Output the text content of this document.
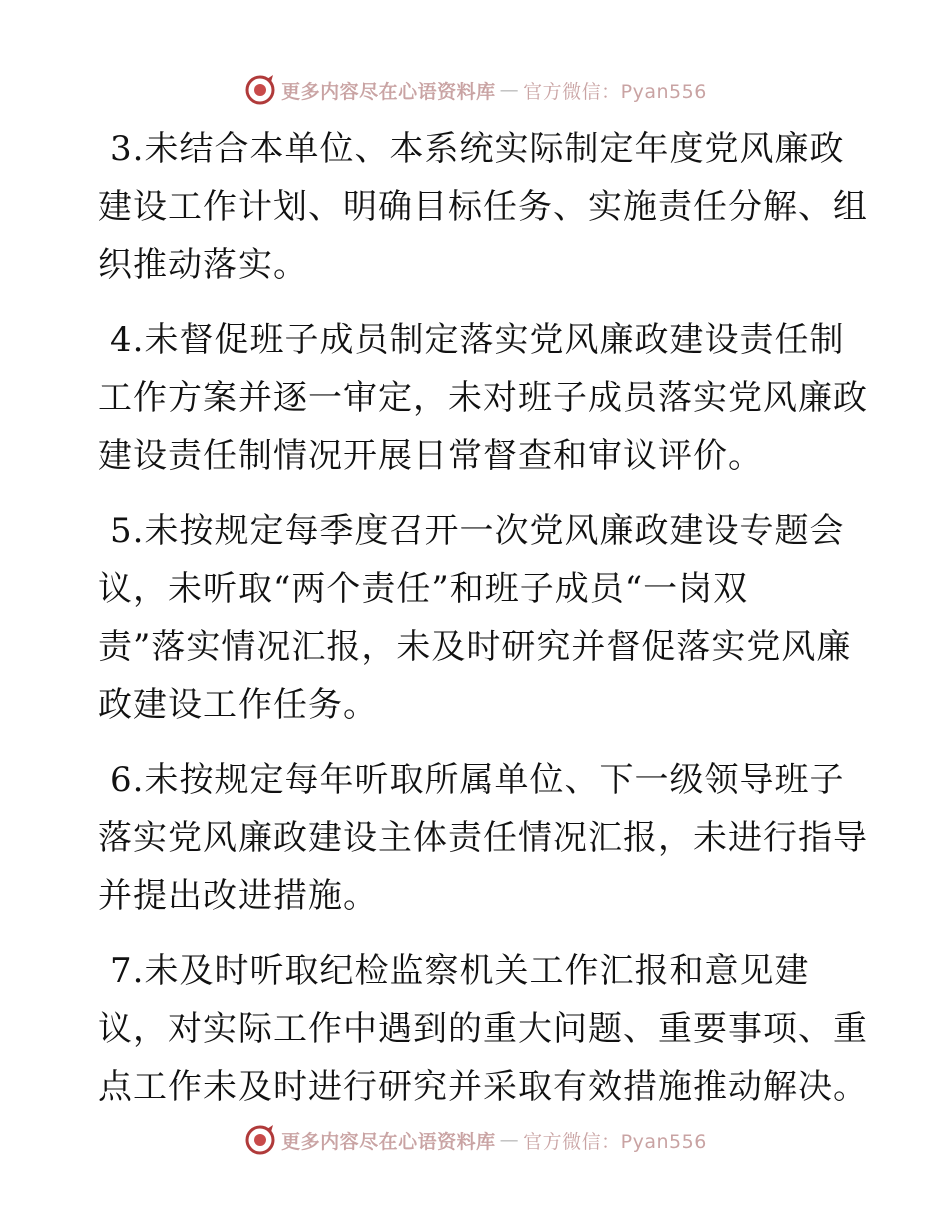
更多内容尽在心语资料库 — 官方微信：Pyan556

3.未结合本单位、本系统实际制定年度党风廉政
建设工作计划、明确目标任务、实施责任分解、组
织推动落实。

4.未督促班子成员制定落实党风廉政建设责任制
工作方案并逐一审定，未对班子成员落实党风廉政
建设责任制情况开展日常督查和审议评价。

5.未按规定每季度召开一次党风廉政建设专题会
议，未听取“两个责任”和班子成员“一岗双
责”落实情况汇报，未及时研究并督促落实党风廉
政建设工作任务。

6.未按规定每年听取所属单位、下一级领导班子
落实党风廉政建设主体责任情况汇报，未进行指导
并提出改进措施。

7.未及时听取纪检监察机关工作汇报和意见建
议，对实际工作中遇到的重大问题、重要事项、重
点工作未及时进行研究并采取有效措施推动解决。

更多内容尽在心语资料库 — 官方微信：Pyan556
